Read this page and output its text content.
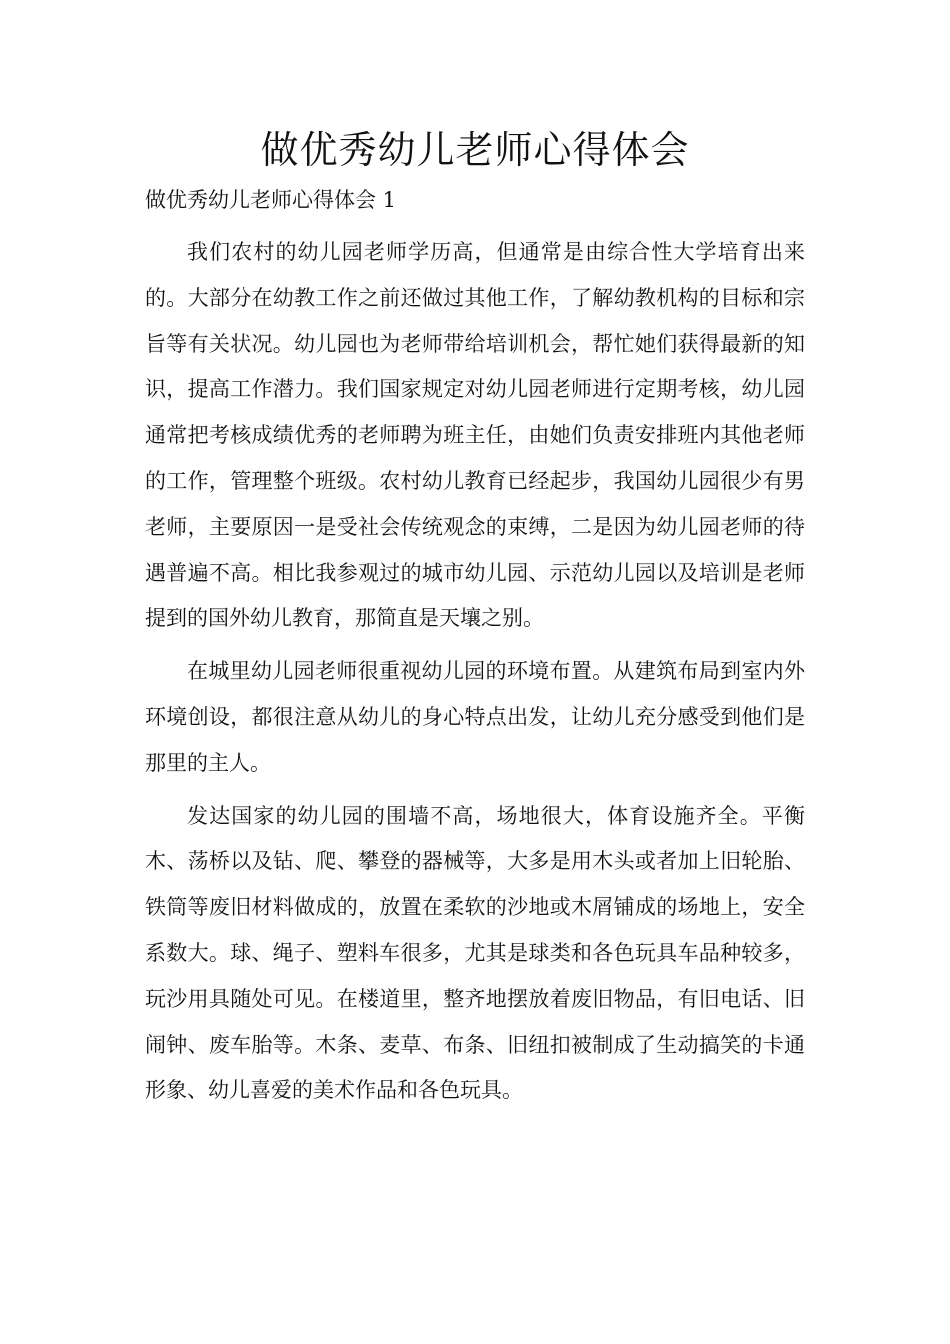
做优秀幼儿老师心得体会

做优秀幼儿老师心得体会 1

我们农村的幼儿园老师学历高，但通常是由综合性大学培育出来的。大部分在幼教工作之前还做过其他工作，了解幼教机构的目标和宗旨等有关状况。幼儿园也为老师带给培训机会，帮忙她们获得最新的知识，提高工作潜力。我们国家规定对幼儿园老师进行定期考核，幼儿园通常把考核成绩优秀的老师聘为班主任，由她们负责安排班内其他老师的工作，管理整个班级。农村幼儿教育已经起步，我国幼儿园很少有男老师，主要原因一是受社会传统观念的束缚，二是因为幼儿园老师的待遇普遍不高。相比我参观过的城市幼儿园、示范幼儿园以及培训是老师提到的国外幼儿教育，那简直是天壤之别。

在城里幼儿园老师很重视幼儿园的环境布置。从建筑布局到室内外环境创设，都很注意从幼儿的身心特点出发，让幼儿充分感受到他们是那里的主人。

发达国家的幼儿园的围墙不高，场地很大，体育设施齐全。平衡木、荡桥以及钻、爬、攀登的器械等，大多是用木头或者加上旧轮胎、铁筒等废旧材料做成的，放置在柔软的沙地或木屑铺成的场地上，安全系数大。球、绳子、塑料车很多，尤其是球类和各色玩具车品种较多，玩沙用具随处可见。在楼道里，整齐地摆放着废旧物品，有旧电话、旧闹钟、废车胎等。木条、麦草、布条、旧纽扣被制成了生动搞笑的卡通形象、幼儿喜爱的美术作品和各色玩具。
